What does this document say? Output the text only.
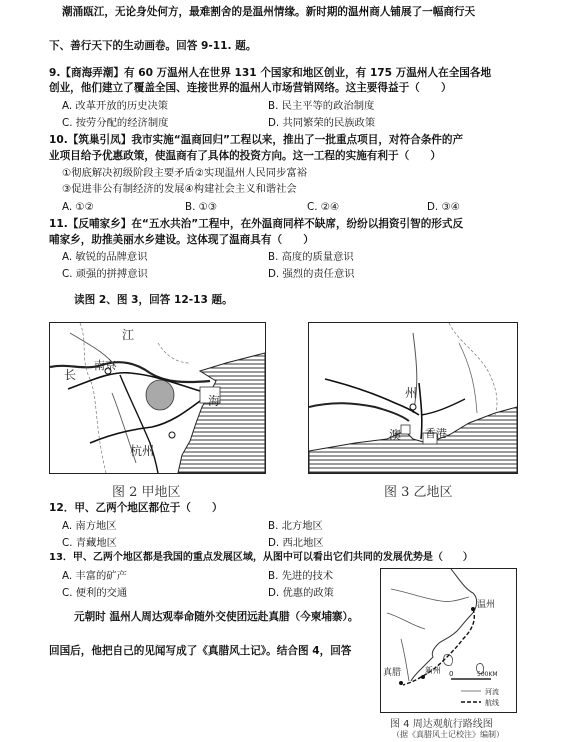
潮涌瓯江，无论身处何方，最难割舍的是温州情缘。新时期的温州商人铺展了一幅商行天
下、善行天下的生动画卷。回答 9-11. 题。
9.【商海弄潮】有 60 万温州人在世界 131 个国家和地区创业，有 175 万温州人在全国各地
创业，他们建立了覆盖全国、连接世界的温州人市场营销网络。这主要得益于（　　）
A. 改革开放的历史决策	B. 民主平等的政治制度
C. 按劳分配的经济制度	D. 共同繁荣的民族政策
10.【筑巢引凤】我市实施“温商回归”工程以来，推出了一批重点项目，对符合条件的产
业项目给予优惠政策，使温商有了具体的投资方向。这一工程的实施有利于（　　）
①彻底解决初级阶段主要矛盾②实现温州人民同步富裕
③促进非公有制经济的发展④构建社会主义和谐社会
A. ①②	B. ①③	C. ②④	D. ③④
11.【反哺家乡】在“五水共治”工程中，在外温商同样不缺席，纷纷以捐资引智的形式反
哺家乡，助推美丽水乡建设。这体现了温商具有（　　）
A. 敏锐的品牌意识	B. 高度的质量意识
C. 顽强的拼搏意识	D. 强烈的责任意识
读图 2、图 3，回答 12-13 题。
江
长
南京
海
杭州
图 2 甲地区
州
澳 香港
图 3 乙地区
12．甲、乙两个地区都位于（　　）
A. 南方地区	B. 北方地区
C. 青藏地区	D. 西北地区
13．甲、乙两个地区都是我国的重点发展区域，从图中可以看出它们共同的发展优势是（　　）
A. 丰富的矿产	B. 先进的技术
C. 便利的交通	D. 优惠的政策
元朝时 温州人周达观奉命随外交使团远赴真腊（今柬埔寨）。
回国后，他把自己的见闻写成了《真腊风土记》。结合图 4，回答
温州
真腊	新州 0	500KM
河流
航线
图 4 周达观航行路线图
（据《真腊风土记校注》编制）
